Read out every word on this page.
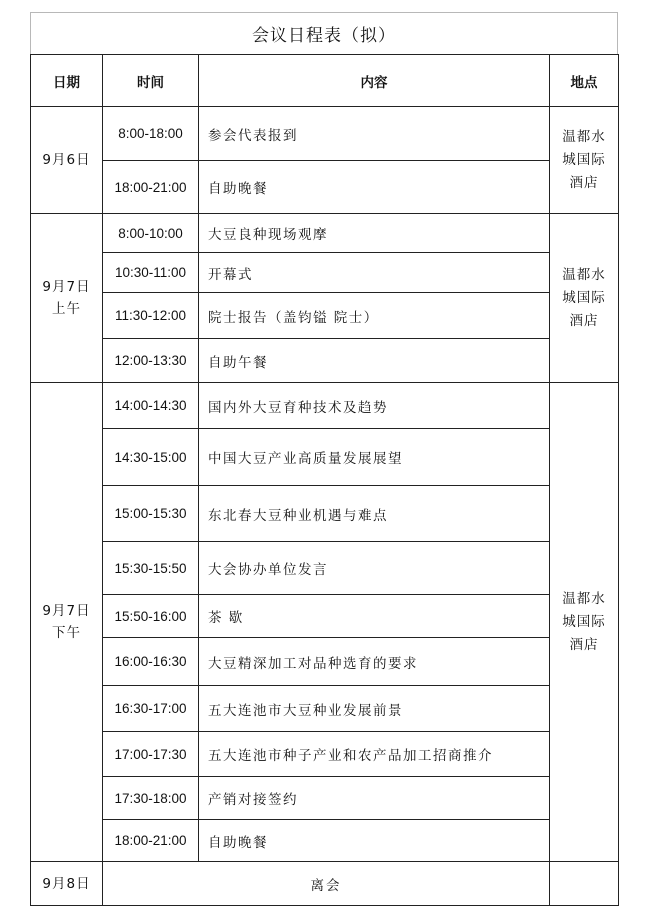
会议日程表（拟）
日期	时间	内容	地点

9月6日	8:00-18:00	参会代表报到	温都水
城国际
酒店

	18:00-21:00	自助晚餐	

9月7日
上午	8:00-10:00	大豆良种现场观摩	温都水
城国际
酒店

	10:30-11:00	开幕式	
	11:30-12:00	院士报告（盖钧镒 院士）	
	12:00-13:30	自助午餐	

9月7日
下午	14:00-14:30	国内外大豆育种技术及趋势	温都水
城国际
酒店

	14:30-15:00	中国大豆产业高质量发展展望	
	15:00-15:30	东北春大豆种业机遇与难点	
	15:30-15:50	大会协办单位发言	
	15:50-16:00	茶 歇	
	16:00-16:30	大豆精深加工对品种选育的要求	
	16:30-17:00	五大连池市大豆种业发展前景	
	17:00-17:30	五大连池市种子产业和农产品加工招商推介	
	17:30-18:00	产销对接签约	
	18:00-21:00	自助晚餐	
9月8日	离会		
